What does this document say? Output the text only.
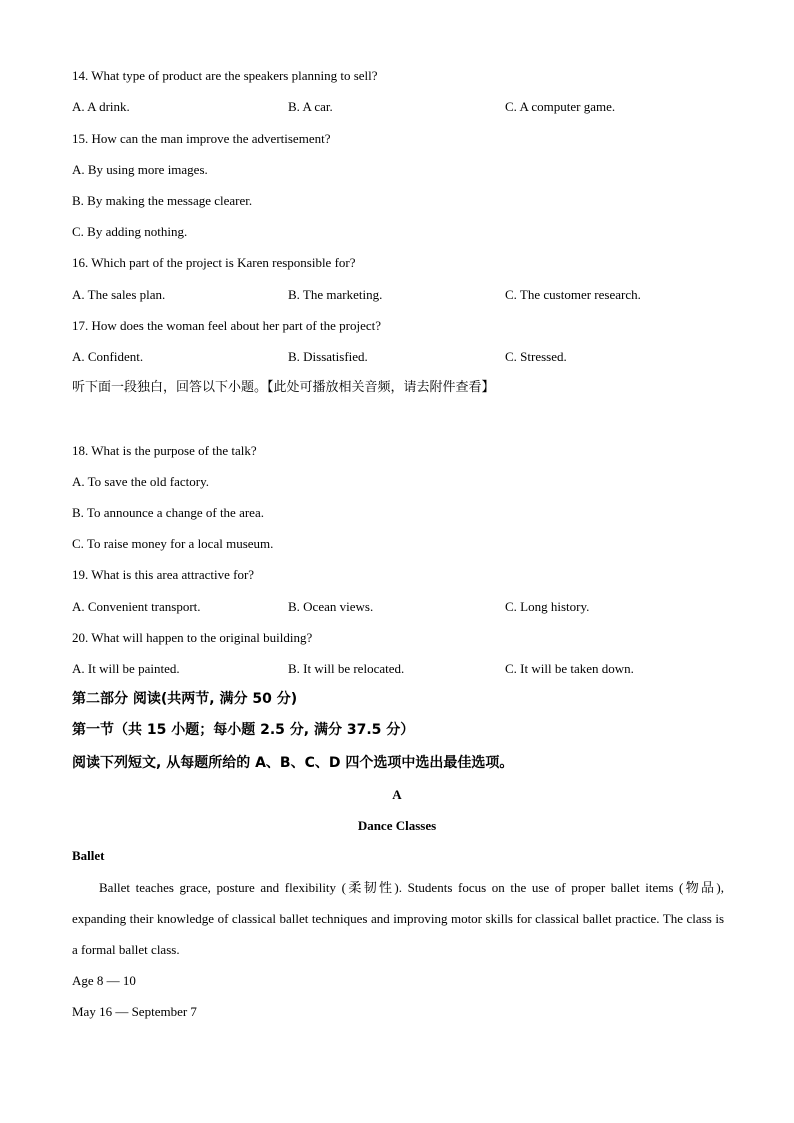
14. What type of product are the speakers planning to sell?
A. A drink.	B. A car.	C. A computer game.
15. How can the man improve the advertisement?
A. By using more images.
B. By making the message clearer.
C. By adding nothing.
16. Which part of the project is Karen responsible for?
A. The sales plan.	B. The marketing.	C. The customer research.
17. How does the woman feel about her part of the project?
A. Confident.	B. Dissatisfied.	C. Stressed.
听下面一段独白，回答以下小题。【此处可播放相关音频，请去附件查看】
18. What is the purpose of the talk?
A. To save the old factory.
B. To announce a change of the area.
C. To raise money for a local museum.
19. What is this area attractive for?
A. Convenient transport.	B. Ocean views.	C. Long history.
20. What will happen to the original building?
A. It will be painted.	B. It will be relocated.	C. It will be taken down.
第二部分 阅读(共两节, 满分 50 分)
第一节（共 15 小题；每小题 2.5 分, 满分 37.5 分）
阅读下列短文, 从每题所给的 A、B、C、D 四个选项中选出最佳选项。
A
Dance Classes
Ballet
Ballet teaches grace, posture and flexibility (柔韧性). Students focus on the use of proper ballet items (物品), expanding their knowledge of classical ballet techniques and improving motor skills for classical ballet practice. The class is a formal ballet class.
Age 8 — 10
May 16 — September 7
